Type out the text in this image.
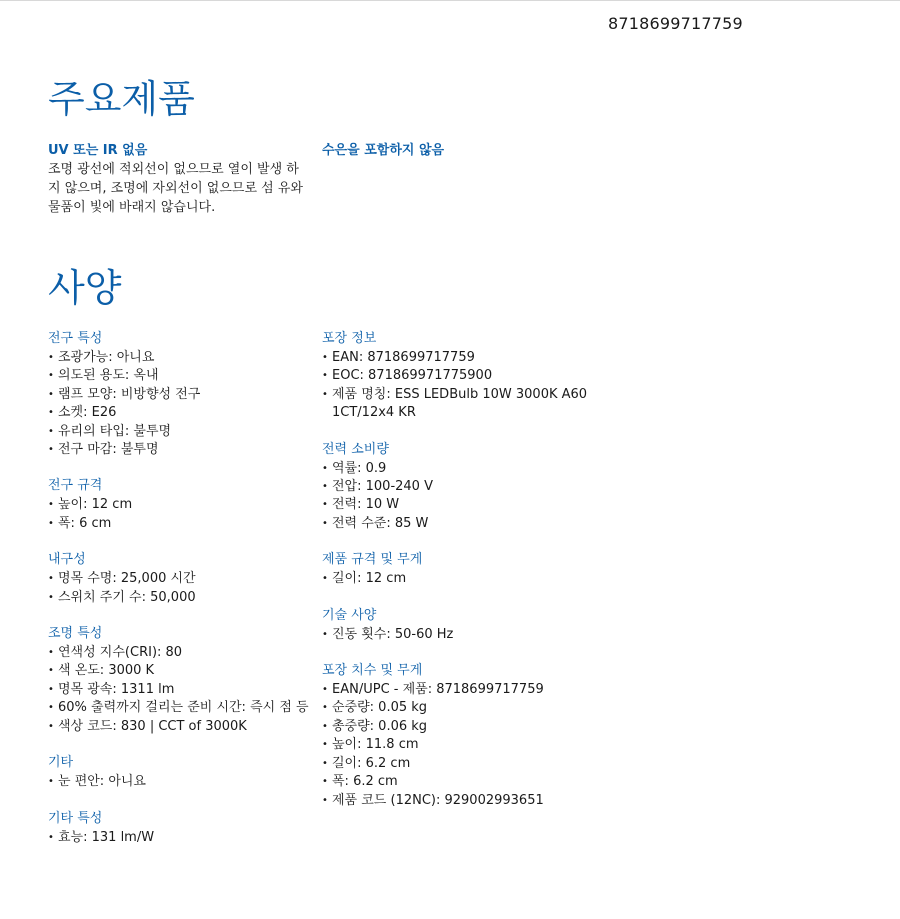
8718699717759
주요제품
UV 또는 IR 없음
조명 광선에 적외선이 없으므로 열이 발생 하지 않으며, 조명에 자외선이 없으므로 섬 유와 물품이 빛에 바래지 않습니다.
수은을 포함하지 않음
사양
전구 특성
• 조광가능: 아니요
• 의도된 용도: 옥내
• 램프 모양: 비방향성 전구
• 소켓: E26
• 유리의 타입: 불투명
• 전구 마감: 불투명
전구 규격
• 높이: 12 cm
• 폭: 6 cm
내구성
• 명목 수명: 25,000 시간
• 스위치 주기 수: 50,000
조명 특성
• 연색성 지수(CRI): 80
• 색 온도: 3000 K
• 명목 광속: 1311 lm
• 60% 출력까지 걸리는 준비 시간: 즉시 점 등
• 색상 코드: 830 | CCT of 3000K
기타
• 눈 편안: 아니요
기타 특성
• 효능: 131 lm/W
포장 정보
• EAN: 8718699717759
• EOC: 871869971775900
• 제품 명칭: ESS LEDBulb 10W 3000K A60 1CT/12x4 KR
전력 소비량
• 역률: 0.9
• 전압: 100-240 V
• 전력: 10 W
• 전력 수준: 85 W
제품 규격 및 무게
• 길이: 12 cm
기술 사양
• 진동 횟수: 50-60 Hz
포장 치수 및 무게
• EAN/UPC - 제품: 8718699717759
• 순중량: 0.05 kg
• 총중량: 0.06 kg
• 높이: 11.8 cm
• 길이: 6.2 cm
• 폭: 6.2 cm
• 제품 코드 (12NC): 929002993651
